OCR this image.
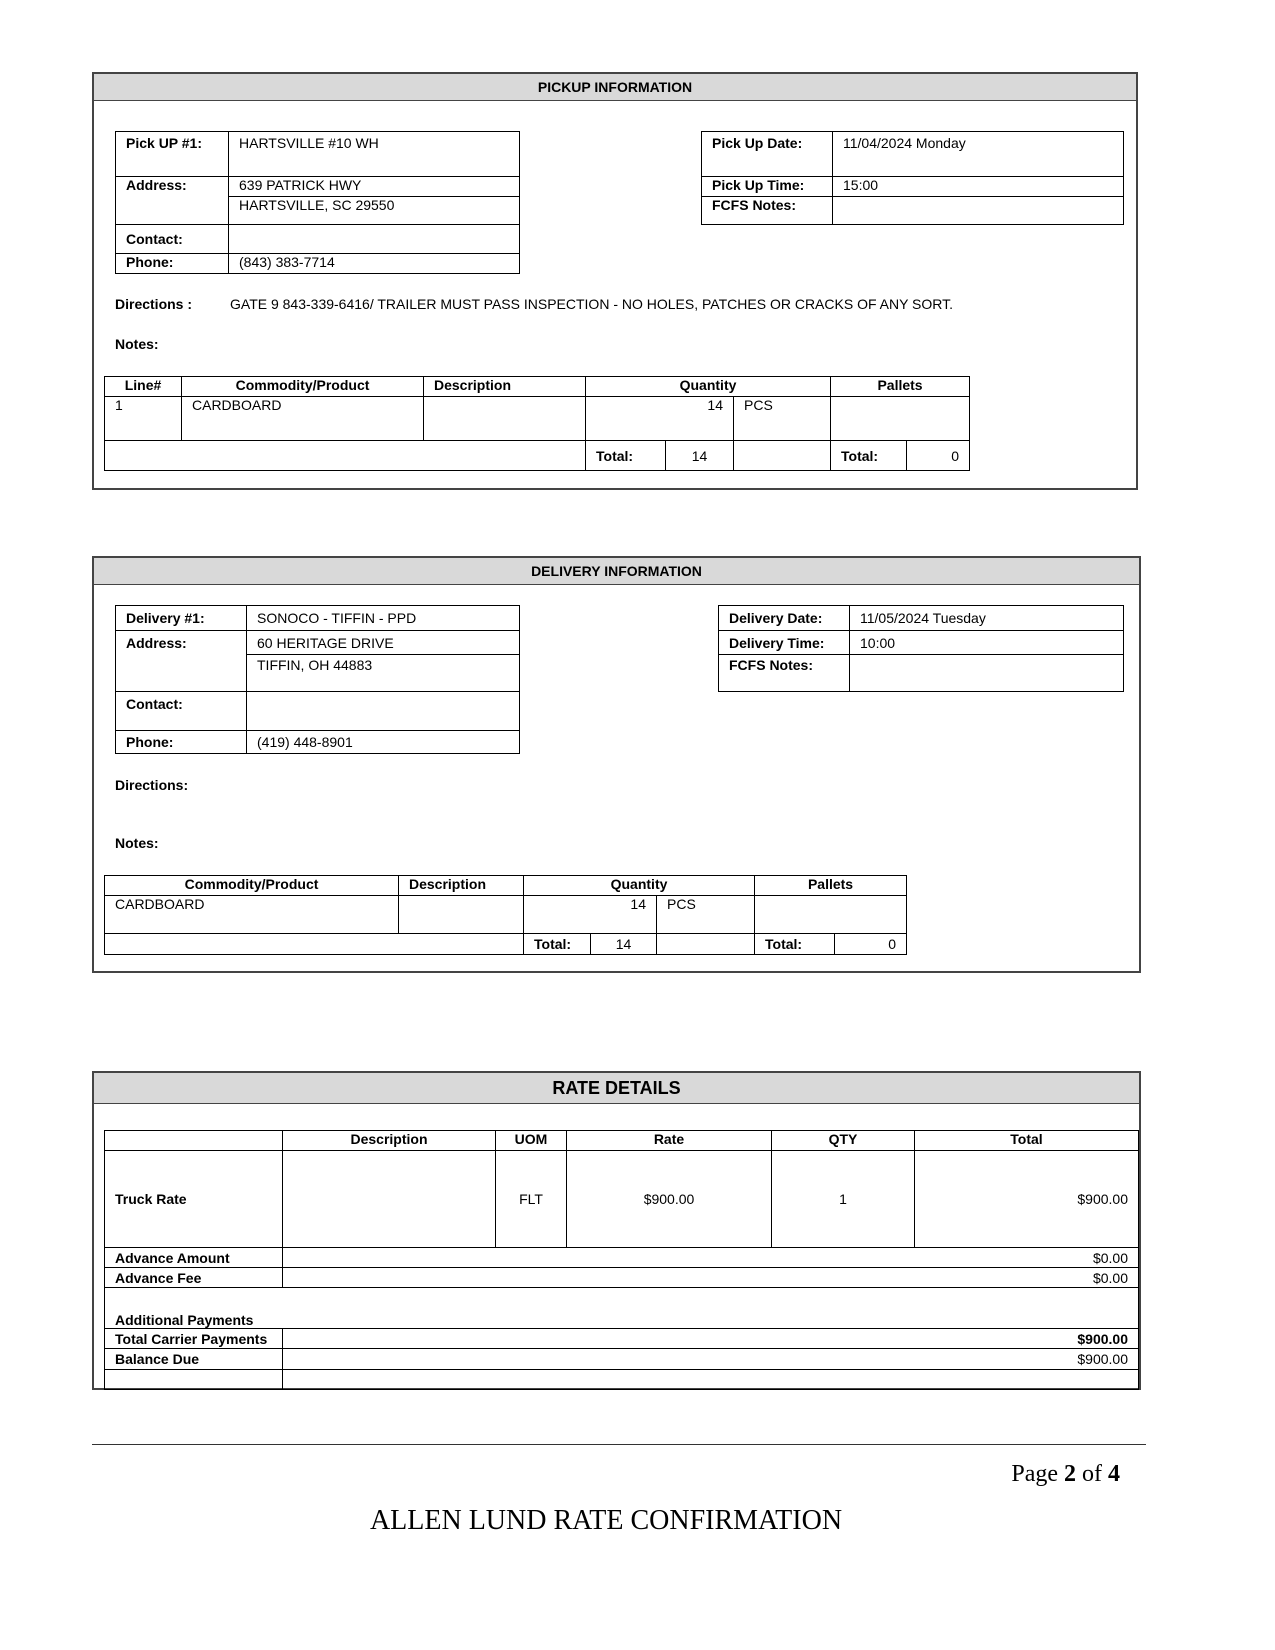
PICKUP INFORMATION
Pick UP #1:	HARTSVILLE #10 WH
Address:	639 PATRICK HWY
	HARTSVILLE, SC 29550
Contact:	
Phone:	(843) 383-7714
Pick Up Date:	11/04/2024 Monday
Pick Up Time:	15:00
FCFS Notes:	
Directions :	GATE 9 843-339-6416/ TRAILER MUST PASS INSPECTION - NO HOLES, PATCHES OR CRACKS OF ANY SORT.
Notes:
Line#	Commodity/Product	Description	Quantity			Pallets	
1	CARDBOARD		14		PCS		
			Total:	14		Total:	0
DELIVERY INFORMATION
Delivery #1:	SONOCO - TIFFIN - PPD
Address:	60 HERITAGE DRIVE
	TIFFIN, OH 44883
Contact:	
Phone:	(419) 448-8901
Delivery Date:	11/05/2024 Tuesday
Delivery Time:	10:00
FCFS Notes:	
Directions:
Notes:
Commodity/Product	Description	Quantity			Pallets	
CARDBOARD		14		PCS		
		Total:	14		Total:	0
RATE DETAILS
	Description	UOM	Rate	QTY	Total
Truck Rate		FLT	$900.00	1	$900.00
Advance Amount	$0.00				
Advance Fee	$0.00				
Additional Payments					
Total Carrier Payments	$900.00				
Balance Due	$900.00				

Page 2 of 4
ALLEN LUND RATE CONFIRMATION
